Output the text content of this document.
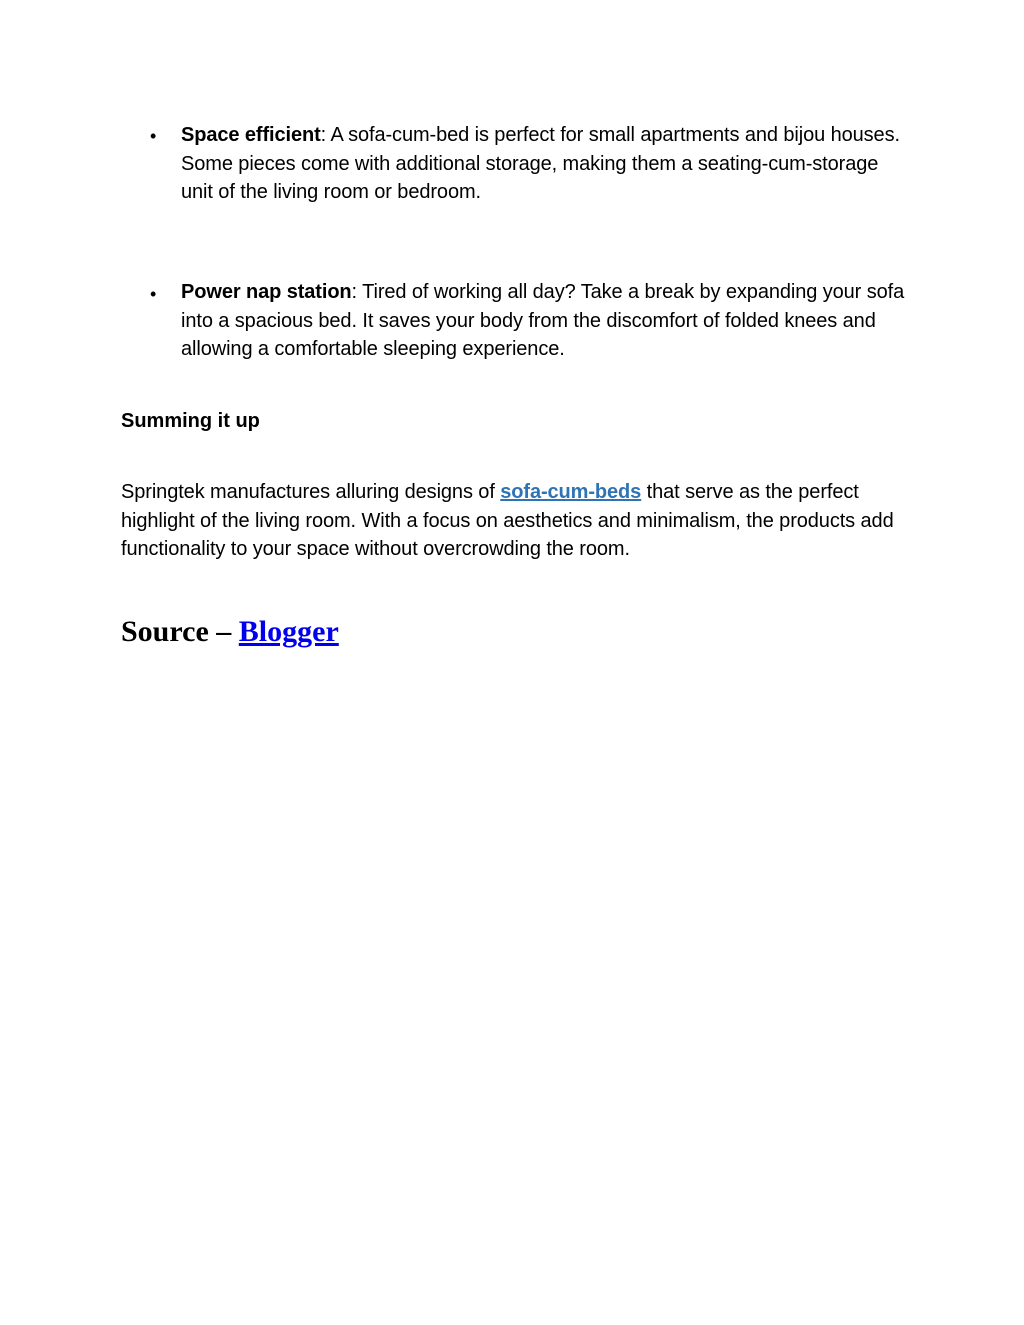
• Space efficient: A sofa-cum-bed is perfect for small apartments and bijou houses. Some pieces come with additional storage, making them a seating-cum-storage unit of the living room or bedroom.
• Power nap station: Tired of working all day? Take a break by expanding your sofa into a spacious bed. It saves your body from the discomfort of folded knees and allowing a comfortable sleeping experience.
Summing it up
Springtek manufactures alluring designs of sofa-cum-beds that serve as the perfect highlight of the living room. With a focus on aesthetics and minimalism, the products add functionality to your space without overcrowding the room.
Source – Blogger
